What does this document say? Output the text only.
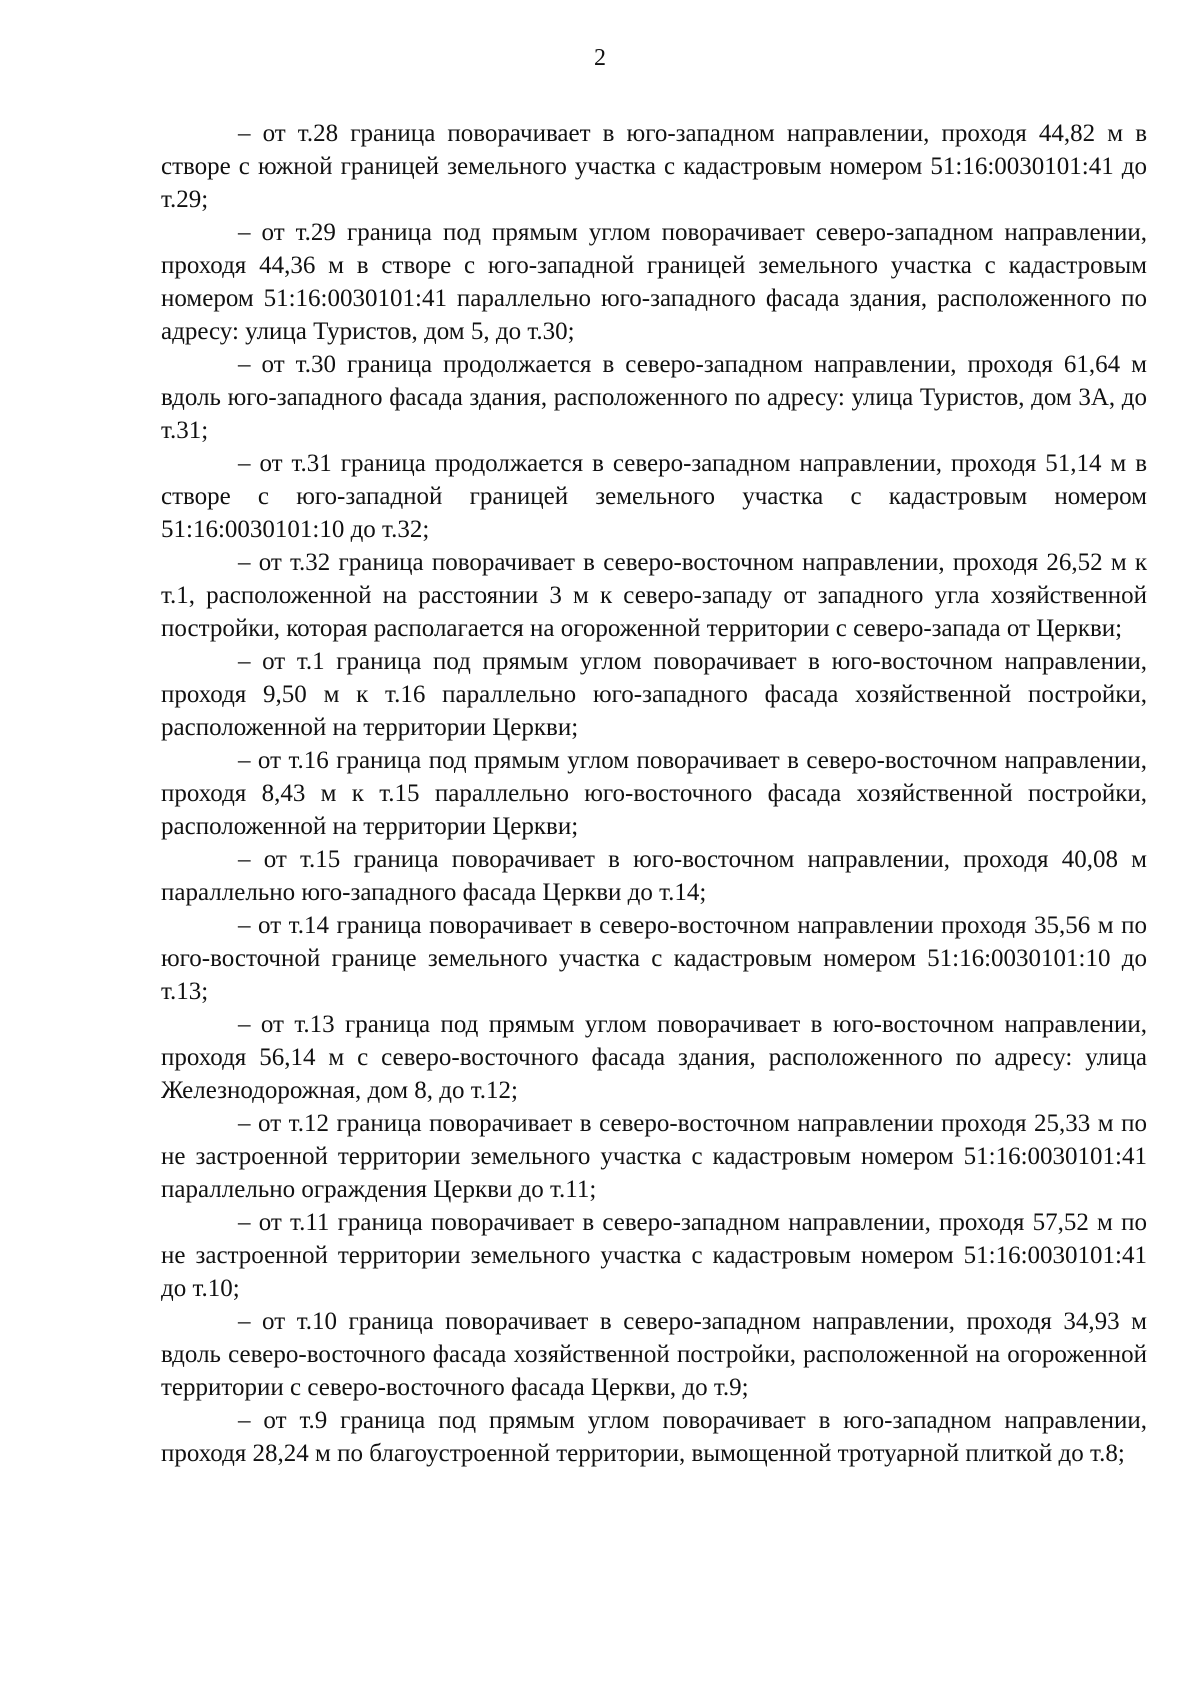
2

– от т.28 граница поворачивает в юго-западном направлении, проходя 44,82 м в створе с южной границей земельного участка с кадастровым номером 51:16:0030101:41 до т.29;

– от т.29 граница под прямым углом поворачивает северо-западном направлении, проходя 44,36 м в створе с юго-западной границей земельного участка с кадастровым номером 51:16:0030101:41 параллельно юго-западного фасада здания, расположенного по адресу: улица Туристов, дом 5, до т.30;

– от т.30 граница продолжается в северо-западном направлении, проходя 61,64 м вдоль юго-западного фасада здания, расположенного по адресу: улица Туристов, дом 3А, до т.31;

– от т.31 граница продолжается в северо-западном направлении, проходя 51,14 м в створе с юго-западной границей земельного участка с кадастровым номером 51:16:0030101:10 до т.32;

– от т.32 граница поворачивает в северо-восточном направлении, проходя 26,52 м к т.1, расположенной на расстоянии 3 м к северо-западу от западного угла хозяйственной постройки, которая располагается на огороженной территории с северо-запада от Церкви;

– от т.1 граница под прямым углом поворачивает в юго-восточном направлении, проходя 9,50 м к т.16 параллельно юго-западного фасада хозяйственной постройки, расположенной на территории Церкви;

– от т.16 граница под прямым углом поворачивает в северо-восточном направлении, проходя 8,43 м к т.15 параллельно юго-восточного фасада хозяйственной постройки, расположенной на территории Церкви;

– от т.15 граница поворачивает в юго-восточном направлении, проходя 40,08 м параллельно юго-западного фасада Церкви до т.14;

– от т.14 граница поворачивает в северо-восточном направлении проходя 35,56 м по юго-восточной границе земельного участка с кадастровым номером 51:16:0030101:10 до т.13;

– от т.13 граница под прямым углом поворачивает в юго-восточном направлении, проходя 56,14 м с северо-восточного фасада здания, расположенного по адресу: улица Железнодорожная, дом 8, до т.12;

– от т.12 граница поворачивает в северо-восточном направлении проходя 25,33 м по не застроенной территории земельного участка с кадастровым номером 51:16:0030101:41 параллельно ограждения Церкви до т.11;

– от т.11 граница поворачивает в северо-западном направлении, проходя 57,52 м по не застроенной территории земельного участка с кадастровым номером 51:16:0030101:41 до т.10;

– от т.10 граница поворачивает в северо-западном направлении, проходя 34,93 м вдоль северо-восточного фасада хозяйственной постройки, расположенной на огороженной территории с северо-восточного фасада Церкви, до т.9;

– от т.9 граница под прямым углом поворачивает в юго-западном направлении, проходя 28,24 м по благоустроенной территории, вымощенной тротуарной плиткой до т.8;
